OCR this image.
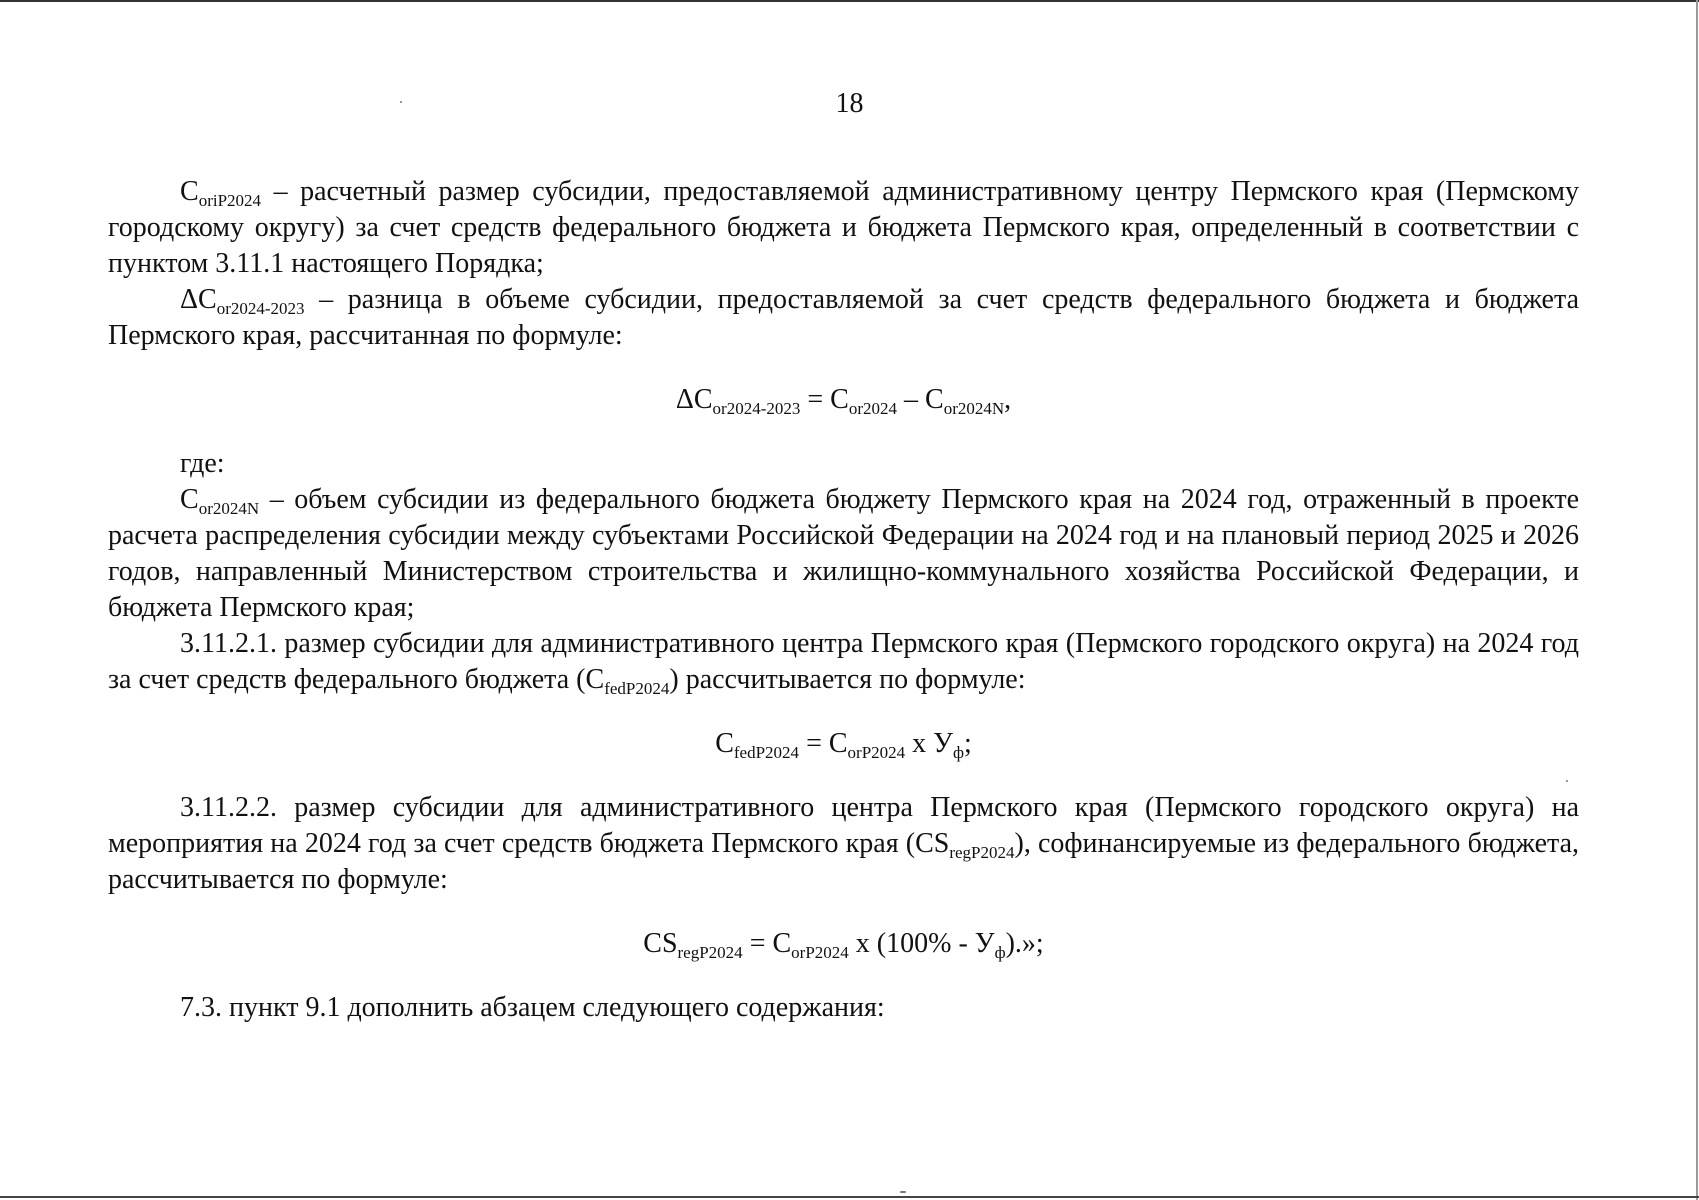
18

$C_{oriP2024}$ – расчетный размер субсидии, предоставляемой административному центру Пермского края (Пермскому городскому округу) за счет средств федерального бюджета и бюджета Пермского края, определенный в соответствии с пунктом 3.11.1 настоящего Порядка;

$\Delta C_{or2024-2023}$ – разница в объеме субсидии, предоставляемой за счет средств федерального бюджета и бюджета Пермского края, рассчитанная по формуле:

$\Delta C_{or2024-2023} = C_{or2024} - C_{or2024N}$,

где:

$C_{or2024N}$ – объем субсидии из федерального бюджета бюджету Пермского края на 2024 год, отраженный в проекте расчета распределения субсидии между субъектами Российской Федерации на 2024 год и на плановый период 2025 и 2026 годов, направленный Министерством строительства и жилищно-коммунального хозяйства Российской Федерации, и бюджета Пермского края;

3.11.2.1. размер субсидии для административного центра Пермского края (Пермского городского округа) на 2024 год за счет средств федерального бюджета $(C_{fedP2024})$ рассчитывается по формуле:

$C_{fedP2024} = C_{orP2024}$ x $У_ф$;

3.11.2.2. размер субсидии для административного центра Пермского края (Пермского городского округа) на мероприятия на 2024 год за счет средств бюджета Пермского края $(CS_{regP2024})$, софинансируемые из федерального бюджета, рассчитывается по формуле:

$CS_{regP2024} = C_{orP2024}$ x $(100\% - У_ф)$.»;

7.3. пункт 9.1 дополнить абзацем следующего содержания:
